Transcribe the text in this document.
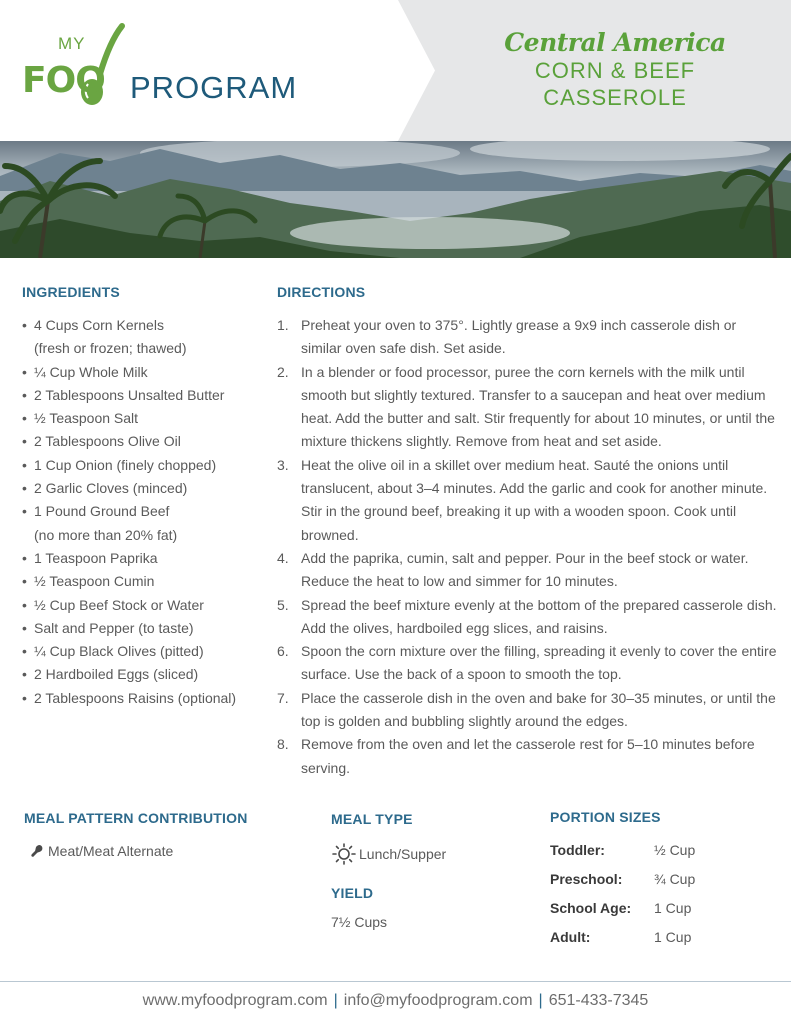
MY
FOO PROGRAM
Central America
CORN & BEEF
CASSEROLE
INGREDIENTS
• 4 Cups Corn Kernels
(fresh or frozen; thawed)
• ¼ Cup Whole Milk
• 2 Tablespoons Unsalted Butter
• ½ Teaspoon Salt
• 2 Tablespoons Olive Oil
• 1 Cup Onion (finely chopped)
• 2 Garlic Cloves (minced)
• 1 Pound Ground Beef
(no more than 20% fat)
• 1 Teaspoon Paprika
• ½ Teaspoon Cumin
• ½ Cup Beef Stock or Water
• Salt and Pepper (to taste)
• ¼ Cup Black Olives (pitted)
• 2 Hardboiled Eggs (sliced)
• 2 Tablespoons Raisins (optional)
DIRECTIONS
1. Preheat your oven to 375°. Lightly grease a 9x9 inch casserole dish or similar oven safe dish. Set aside.
2. In a blender or food processor, puree the corn kernels with the milk until smooth but slightly textured. Transfer to a saucepan and heat over medium heat. Add the butter and salt. Stir frequently for about 10 minutes, or until the mixture thickens slightly. Remove from heat and set aside.
3. Heat the olive oil in a skillet over medium heat. Sauté the onions until translucent, about 3–4 minutes. Add the garlic and cook for another minute. Stir in the ground beef, breaking it up with a wooden spoon. Cook until browned.
4. Add the paprika, cumin, salt and pepper. Pour in the beef stock or water. Reduce the heat to low and simmer for 10 minutes.
5. Spread the beef mixture evenly at the bottom of the prepared casserole dish. Add the olives, hardboiled egg slices, and raisins.
6. Spoon the corn mixture over the filling, spreading it evenly to cover the entire surface. Use the back of a spoon to smooth the top.
7. Place the casserole dish in the oven and bake for 30–35 minutes, or until the top is golden and bubbling slightly around the edges.
8. Remove from the oven and let the casserole rest for 5–10 minutes before serving.
MEAL PATTERN CONTRIBUTION
Meat/Meat Alternate
MEAL TYPE
Lunch/Supper
YIELD
7½ Cups
PORTION SIZES
Toddler:	½ Cup
Preschool: ¾ Cup
School Age: 1 Cup
Adult:	1 Cup
www.myfoodprogram.com | info@myfoodprogram.com | 651-433-7345
